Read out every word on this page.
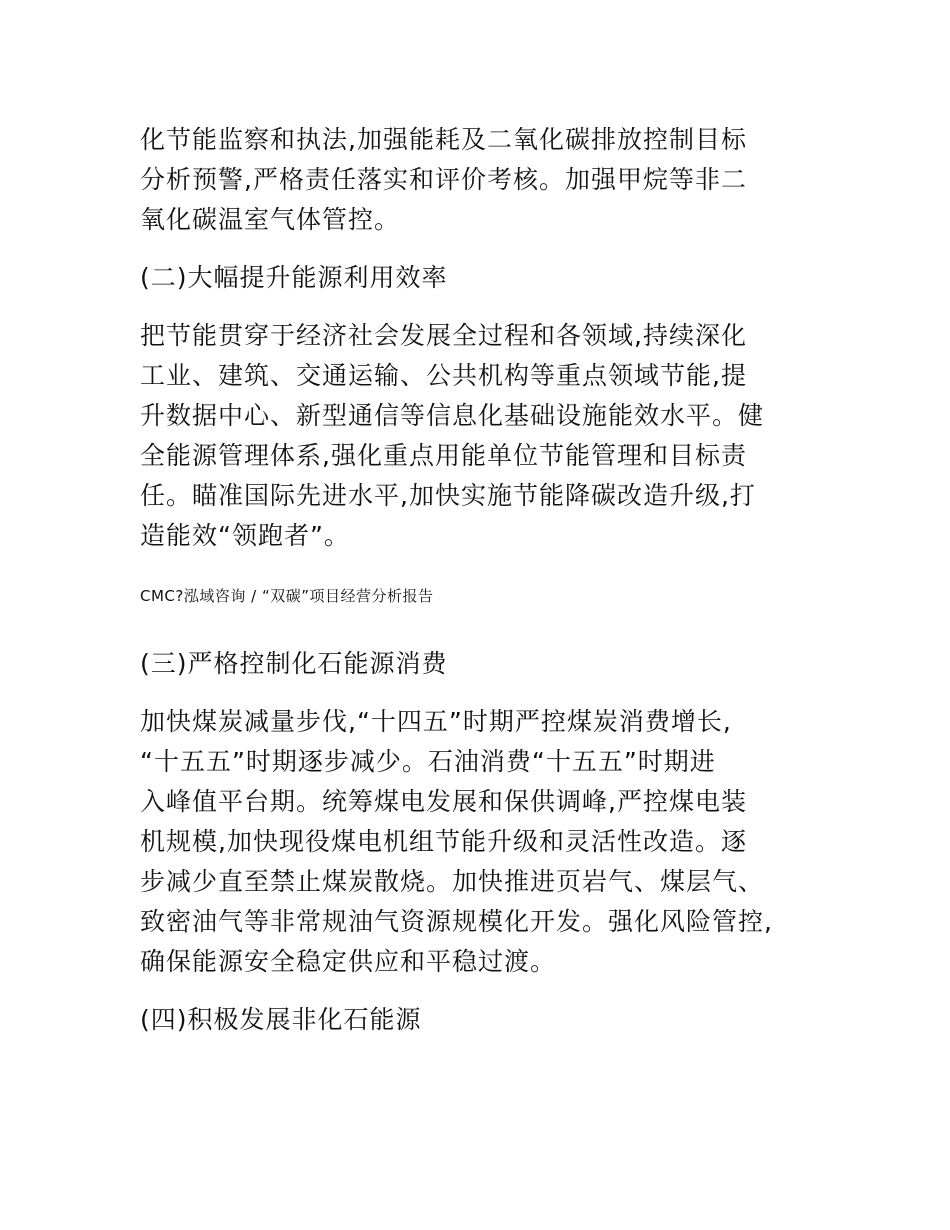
化节能监察和执法,加强能耗及二氧化碳排放控制目标
分析预警,严格责任落实和评价考核。加强甲烷等非二
氧化碳温室气体管控。
(二)大幅提升能源利用效率
把节能贯穿于经济社会发展全过程和各领域,持续深化
工业、建筑、交通运输、公共机构等重点领域节能,提
升数据中心、新型通信等信息化基础设施能效水平。健
全能源管理体系,强化重点用能单位节能管理和目标责
任。瞄准国际先进水平,加快实施节能降碳改造升级,打
造能效“领跑者”。
CMC?泓域咨询 / “双碳”项目经营分析报告
(三)严格控制化石能源消费
加快煤炭减量步伐,“十四五”时期严控煤炭消费增长,
“十五五”时期逐步减少。石油消费“十五五”时期进
入峰值平台期。统筹煤电发展和保供调峰,严控煤电装
机规模,加快现役煤电机组节能升级和灵活性改造。逐
步减少直至禁止煤炭散烧。加快推进页岩气、煤层气、
致密油气等非常规油气资源规模化开发。强化风险管控,
确保能源安全稳定供应和平稳过渡。
(四)积极发展非化石能源
